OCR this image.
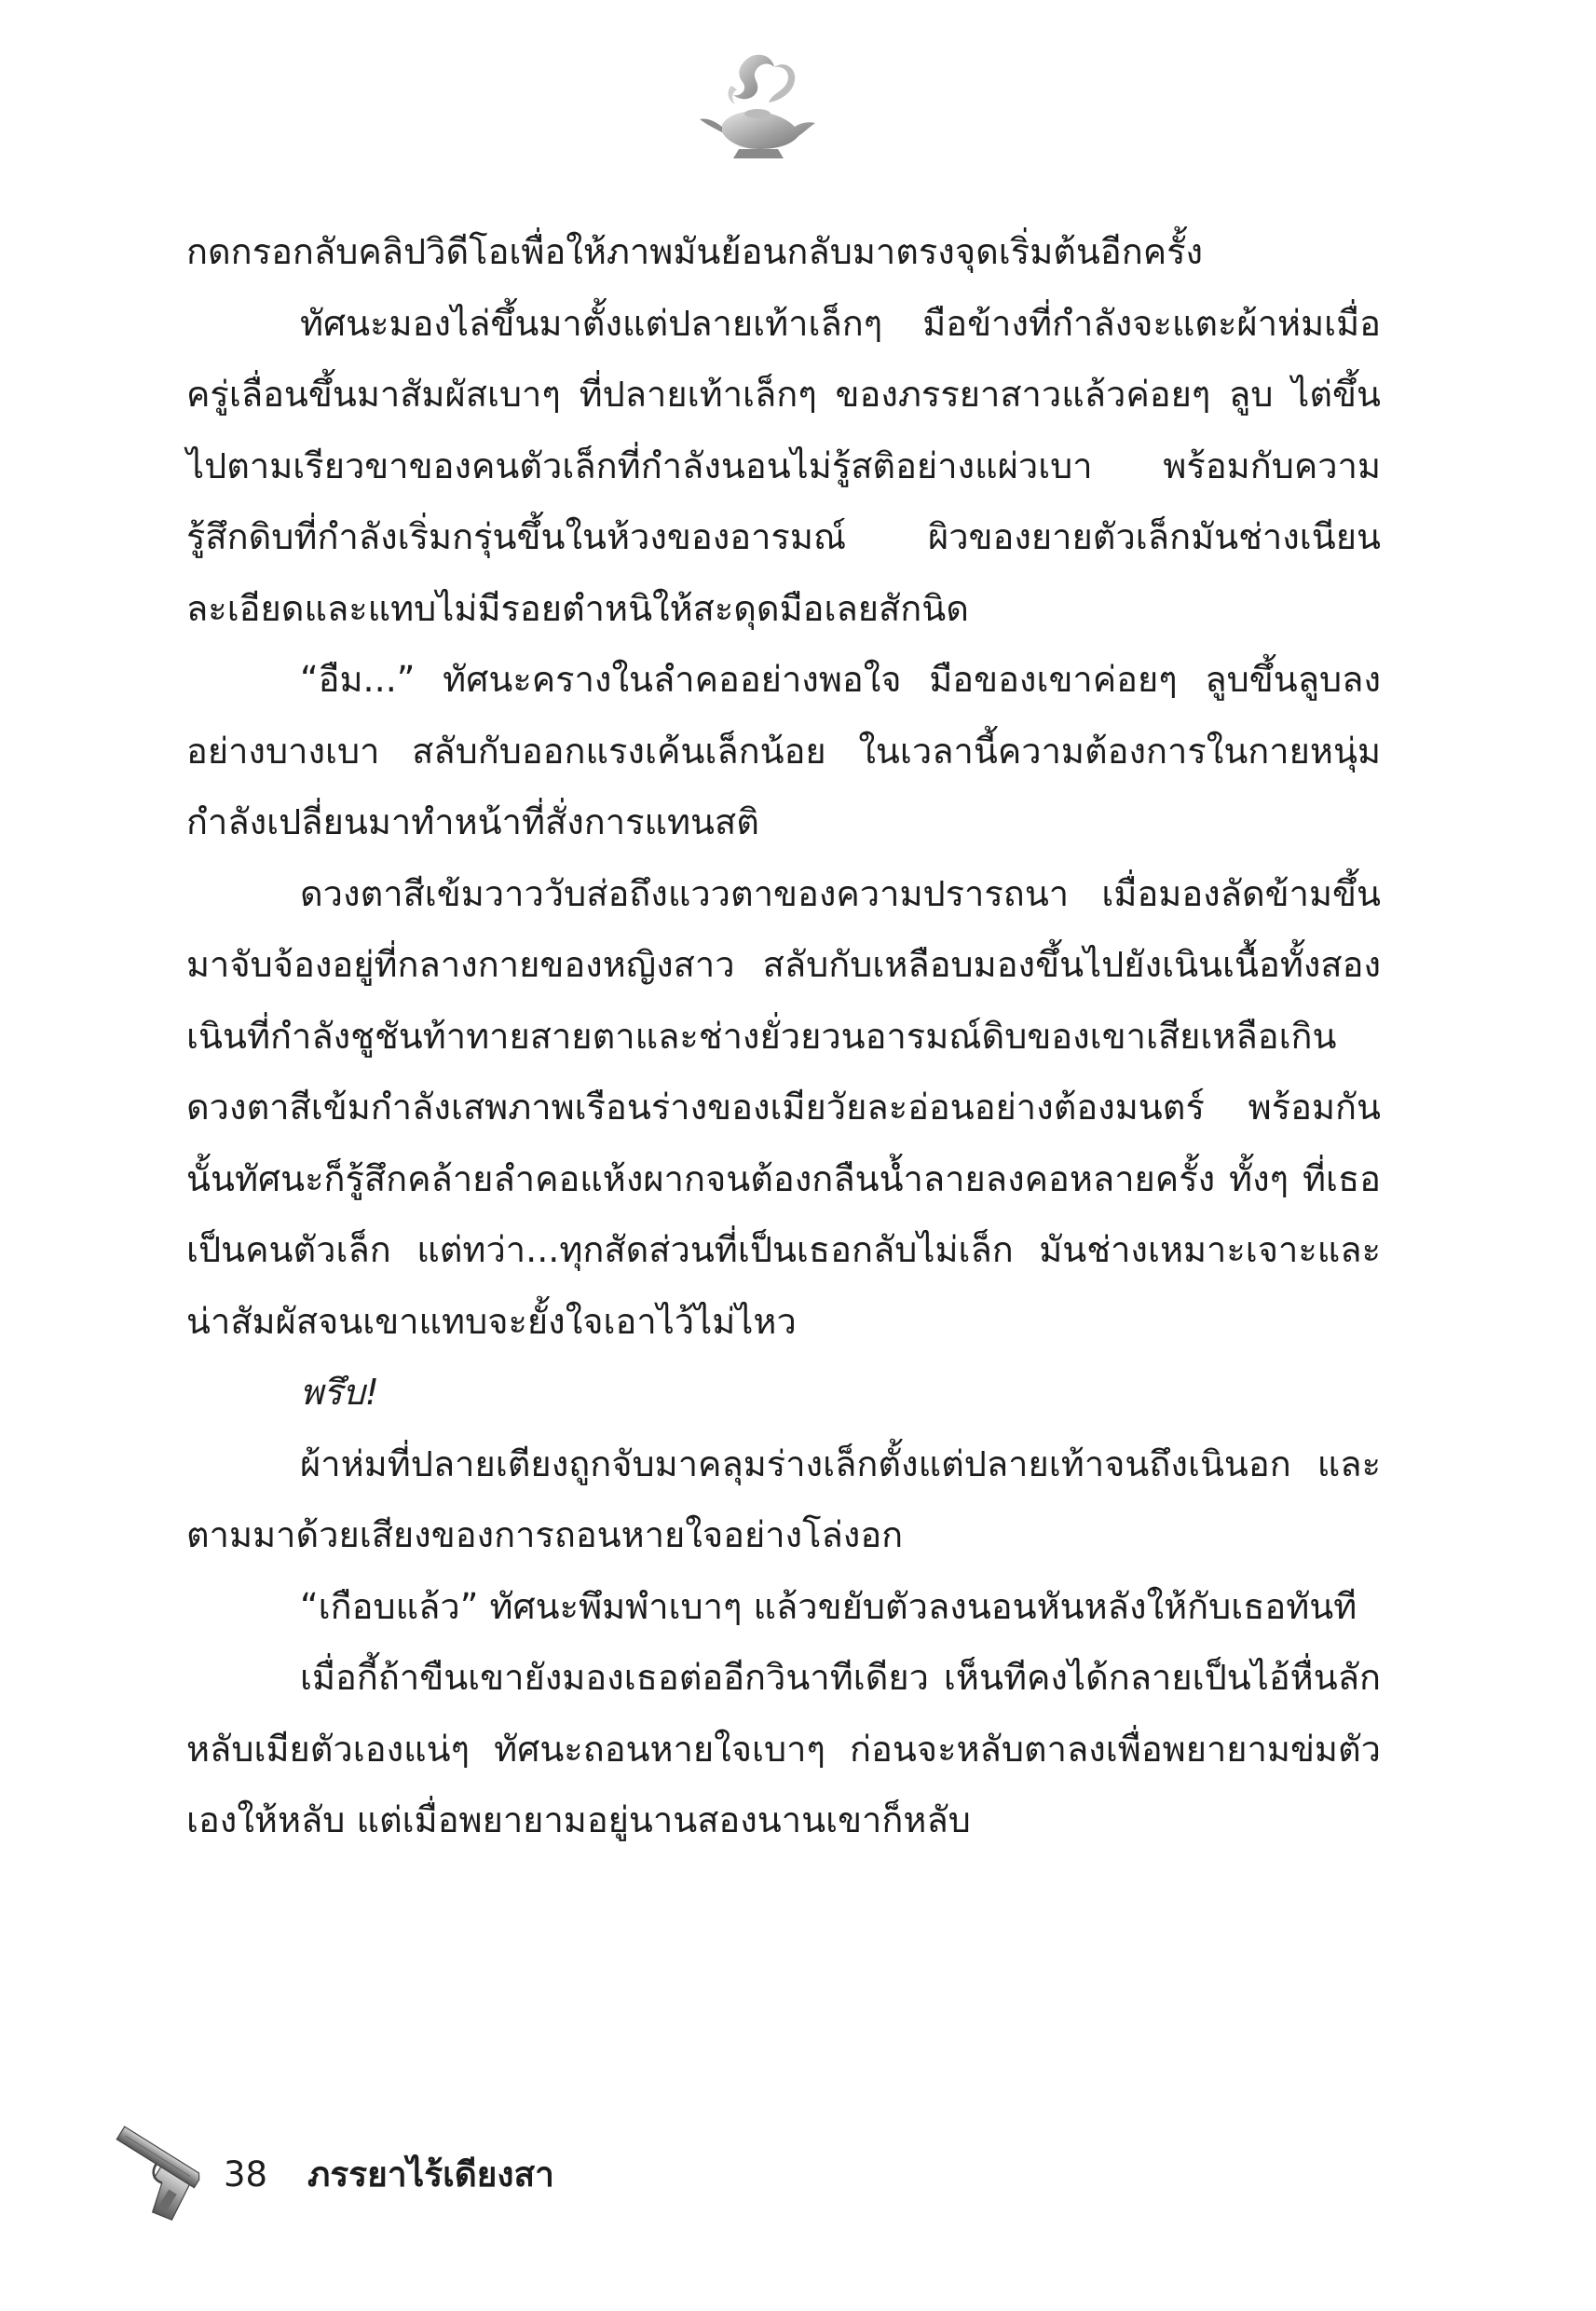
กดกรอกลับคลิปวิดีโอเพื่อให้ภาพมันย้อนกลับมาตรงจุดเริ่มต้นอีกครั้ง

ทัศนะมองไล่ขึ้นมาตั้งแต่ปลายเท้าเล็กๆ มือข้างที่กำลังจะแตะผ้าห่มเมื่อครู่เลื่อนขึ้นมาสัมผัสเบาๆ ที่ปลายเท้าเล็กๆ ของภรรยาสาวแล้วค่อยๆ ลูบ ไต่ขึ้นไปตามเรียวขาของคนตัวเล็กที่กำลังนอนไม่รู้สติอย่างแผ่วเบา พร้อมกับความรู้สึกดิบที่กำลังเริ่มกรุ่นขึ้นในห้วงของอารมณ์ ผิวของยายตัวเล็กมันช่างเนียนละเอียดและแทบไม่มีรอยตำหนิให้สะดุดมือเลยสักนิด

“อืม...” ทัศนะครางในลำคออย่างพอใจ มือของเขาค่อยๆ ลูบขึ้นลูบลงอย่างบางเบา สลับกับออกแรงเค้นเล็กน้อย ในเวลานี้ความต้องการในกายหนุ่มกำลังเปลี่ยนมาทำหน้าที่สั่งการแทนสติ

ดวงตาสีเข้มวาววับส่อถึงแววตาของความปรารถนา เมื่อมองลัดข้ามขึ้นมาจับจ้องอยู่ที่กลางกายของหญิงสาว สลับกับเหลือบมองขึ้นไปยังเนินเนื้อทั้งสองเนินที่กำลังชูชันท้าทายสายตาและช่างยั่วยวนอารมณ์ดิบของเขาเสียเหลือเกิน ดวงตาสีเข้มกำลังเสพภาพเรือนร่างของเมียวัยละอ่อนอย่างต้องมนตร์ พร้อมกันนั้นทัศนะก็รู้สึกคล้ายลำคอแห้งผากจนต้องกลืนน้ำลายลงคอหลายครั้ง ทั้งๆ ที่เธอเป็นคนตัวเล็ก แต่ทว่า...ทุกสัดส่วนที่เป็นเธอกลับไม่เล็ก มันช่างเหมาะเจาะและน่าสัมผัสจนเขาแทบจะยั้งใจเอาไว้ไม่ไหว

พรึบ!

ผ้าห่มที่ปลายเตียงถูกจับมาคลุมร่างเล็กตั้งแต่ปลายเท้าจนถึงเนินอก และตามมาด้วยเสียงของการถอนหายใจอย่างโล่งอก

“เกือบแล้ว” ทัศนะพึมพำเบาๆ แล้วขยับตัวลงนอนหันหลังให้กับเธอทันที

เมื่อกี้ถ้าขืนเขายังมองเธอต่ออีกวินาทีเดียว เห็นทีคงได้กลายเป็นไอ้หื่นลักหลับเมียตัวเองแน่ๆ ทัศนะถอนหายใจเบาๆ ก่อนจะหลับตาลงเพื่อพยายามข่มตัวเองให้หลับ แต่เมื่อพยายามอยู่นานสองนานเขาก็หลับ

38 ภรรยาไร้เดียงสา
